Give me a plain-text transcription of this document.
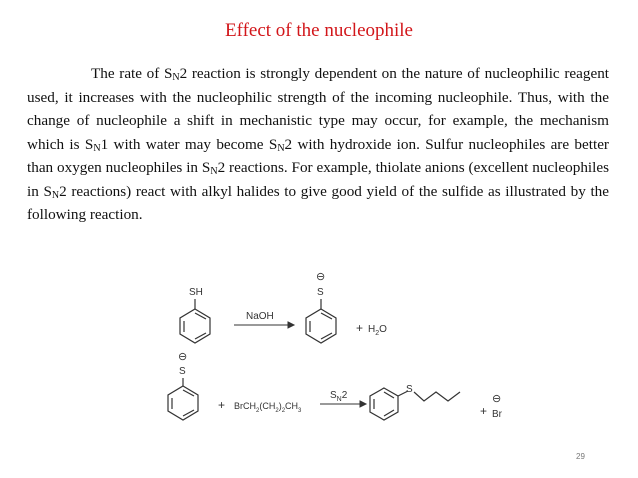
Effect of the nucleophile

The rate of $S_N2$ reaction is strongly dependent on the nature of nucleophilic reagent used, it increases with the nucleophilic strength of the incoming nucleophile. Thus, with the change of nucleophile a shift in mechanistic type may occur, for example, the mechanism which is $S_N1$ with water may become $S_N2$ with hydroxide ion. Sulfur nucleophiles are better than oxygen nucleophiles in $S_N2$ reactions. For example, thiolate anions (excellent nucleophiles in $S_N2$ reactions) react with alkyl halides to give good yield of the sulfide as illustrated by the following reaction.

SH
NaOH
⊖
S
+ $H_2O$
⊖
S
+ $BrCH_2(CH_2)_2CH_3$
$S_N2$
S
+
⊖
Br
29
